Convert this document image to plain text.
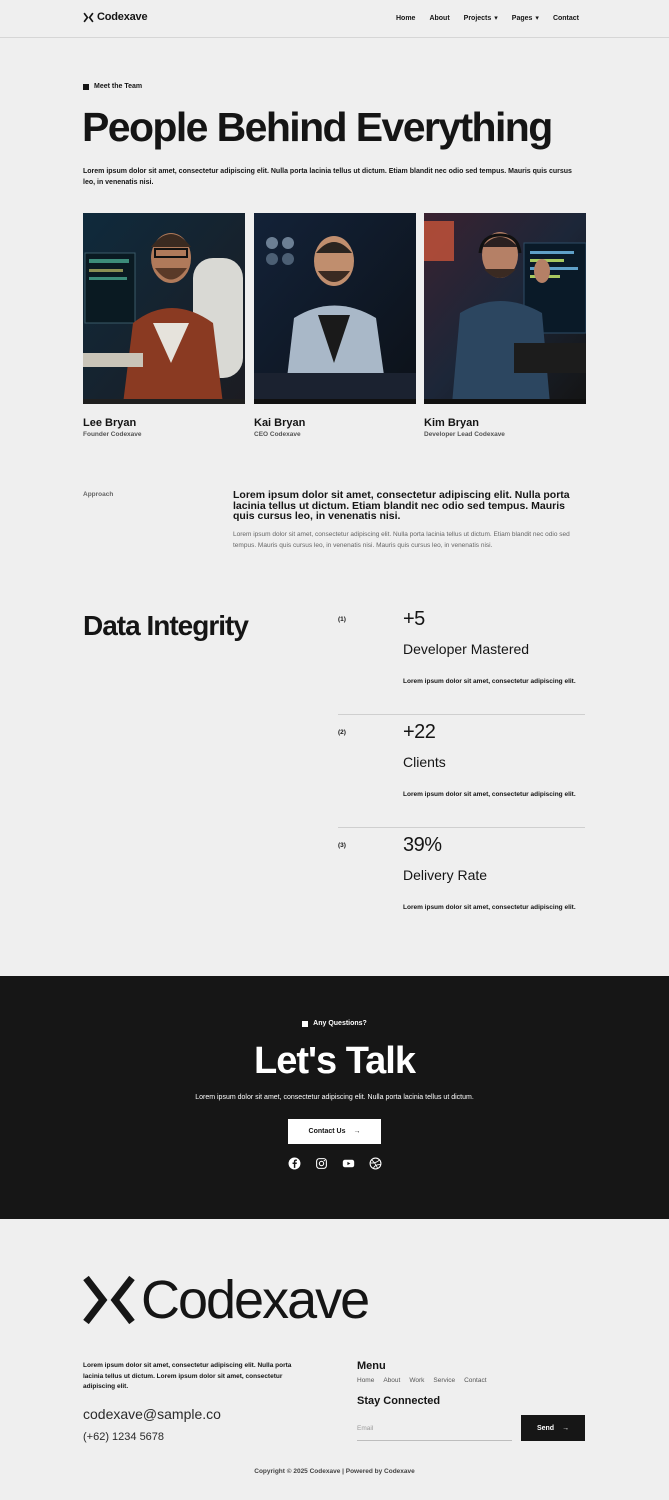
Codexave	Home About Projects ▾ Pages ▾ Contact
Meet the Team
People Behind Everything

Lorem ipsum dolor sit amet, consectetur adipiscing elit. Nulla porta lacinia tellus ut dictum. Etiam blandit nec odio sed tempus. Mauris quis cursus leo, in venenatis nisi.

Lee Bryan
Founder Codexave
Kai Bryan
CEO Codexave
Kim Bryan
Developer Lead Codexave
Approach	Lorem ipsum dolor sit amet, consectetur adipiscing elit. Nulla porta lacinia tellus ut dictum. Etiam blandit nec odio sed tempus. Mauris quis cursus leo, in venenatis nisi.

Lorem ipsum dolor sit amet, consectetur adipiscing elit. Nulla porta lacinia tellus ut dictum. Etiam blandit nec odio sed tempus. Mauris quis cursus leo, in venenatis nisi. Mauris quis cursus leo, in venenatis nisi.

Data Integrity	(1)	+5
Developer Mastered
Lorem ipsum dolor sit amet, consectetur adipiscing elit.
(2)	+22
Clients
Lorem ipsum dolor sit amet, consectetur adipiscing elit.
(3)	39%
Delivery Rate
Lorem ipsum dolor sit amet, consectetur adipiscing elit.
Any Questions?
Let's Talk

Lorem ipsum dolor sit amet, consectetur adipiscing elit. Nulla porta lacinia tellus ut dictum.

Contact Us →
Codexave

Lorem ipsum dolor sit amet, consectetur adipiscing elit. Nulla porta lacinia tellus ut dictum. Lorem ipsum dolor sit amet, consectetur adipiscing elit.

codexave@sample.co
(+62) 1234 5678
Menu
Home About Work Service Contact
Stay Connected
Email
Send →
Copyright © 2025 Codexave | Powered by Codexave
